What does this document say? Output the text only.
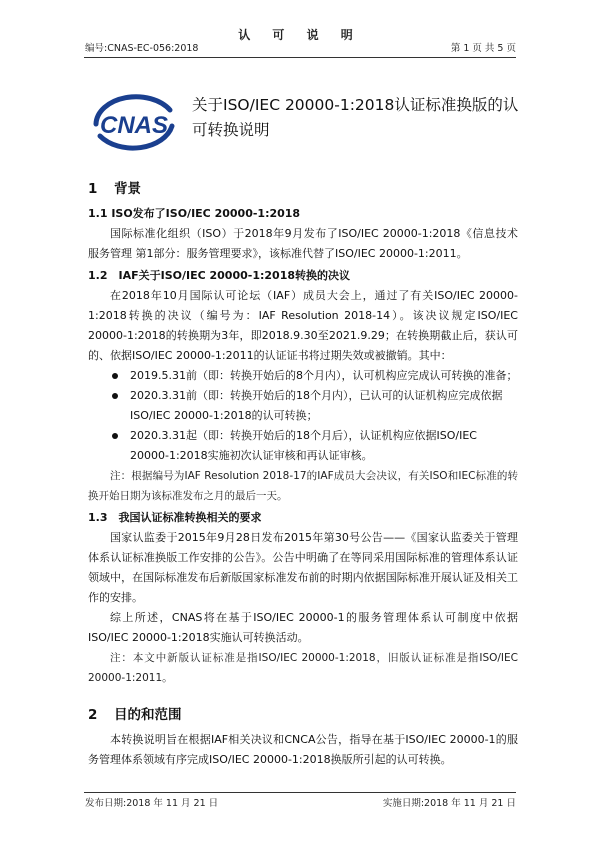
认 可 说 明
编号:CNAS-EC-056:2018	第 1 页 共 5 页
CNAS
关于ISO/IEC 20000-1:2018认证标准换版的认
可转换说明
1 背景
1.1 ISO发布了ISO/IEC 20000-1:2018
国际标准化组织（ISO）于2018年9月发布了ISO/IEC 20000-1:2018《信息技术 服务管理 第1部分：服务管理要求》，该标准代替了ISO/IEC 20000-1:2011。
1.2　IAF关于ISO/IEC 20000-1:2018转换的决议
在2018年10月国际认可论坛（IAF）成员大会上，通过了有关ISO/IEC 20000-1:2018转换的决议（编号为：IAF Resolution 2018-14）。该决议规定ISO/IEC 20000-1:2018的转换期为3年，即2018.9.30至2021.9.29；在转换期截止后，获认可的、依据ISO/IEC 20000-1:2011的认证证书将过期失效或被撤销。其中：
2019.5.31前（即：转换开始后的8个月内），认可机构应完成认可转换的准备；
2020.3.31前（即：转换开始后的18个月内），已认可的认证机构应完成依据ISO/IEC 20000-1:2018的认可转换；
2020.3.31起（即：转换开始后的18个月后），认证机构应依据ISO/IEC 20000-1:2018实施初次认证审核和再认证审核。
注：根据编号为IAF Resolution 2018-17的IAF成员大会决议，有关ISO和IEC标准的转换开始日期为该标准发布之月的最后一天。
1.3　我国认证标准转换相关的要求
国家认监委于2015年9月28日发布2015年第30号公告——《国家认监委关于管理体系认证标准换版工作安排的公告》。公告中明确了在等同采用国际标准的管理体系认证领域中，在国际标准发布后新版国家标准发布前的时期内依据国际标准开展认证及相关工作的安排。
综上所述，CNAS将在基于ISO/IEC 20000-1的服务管理体系认可制度中依据ISO/IEC 20000-1:2018实施认可转换活动。
注：本文中新版认证标准是指ISO/IEC 20000-1:2018，旧版认证标准是指ISO/IEC 20000-1:2011。
2 目的和范围
本转换说明旨在根据IAF相关决议和CNCA公告，指导在基于ISO/IEC 20000-1的服务管理体系领域有序完成ISO/IEC 20000-1:2018换版所引起的认可转换。
发布日期:2018 年 11 月 21 日	实施日期:2018 年 11 月 21 日
